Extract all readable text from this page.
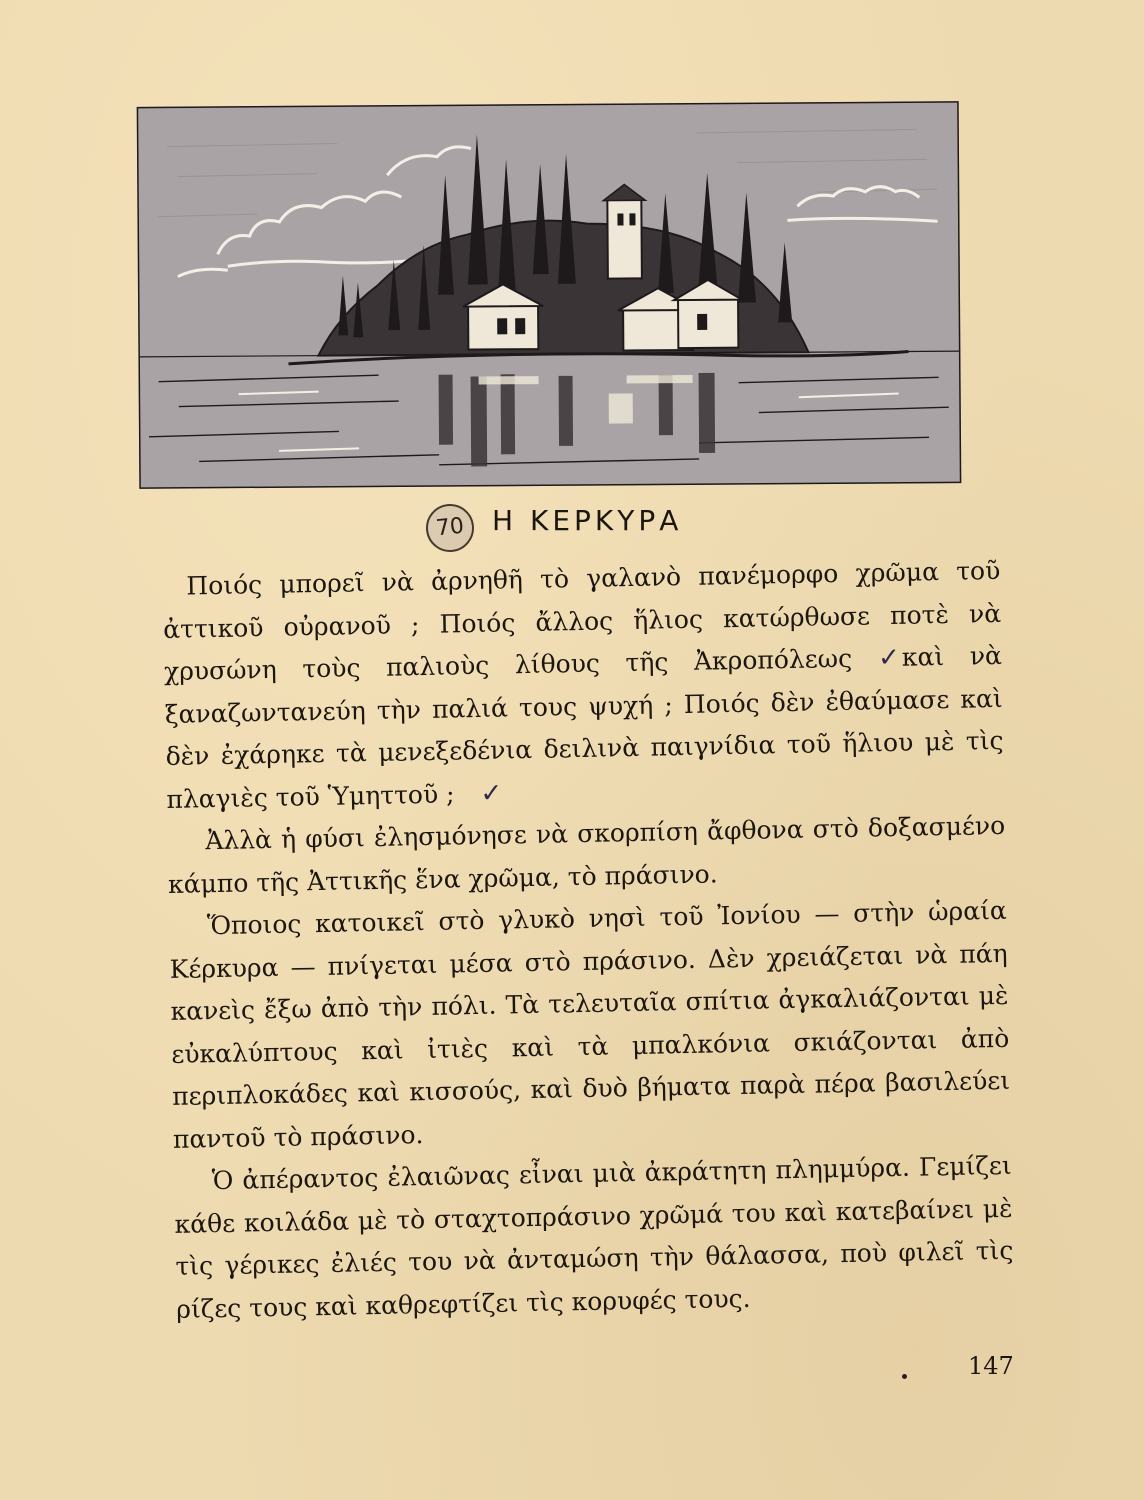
70 Η ΚΕΡΚΥΡΑ

Ποιός μπορεῖ νὰ ἀρνηθῆ τὸ γαλανὸ πανέμορφο χρῶμα τοῦ ἀττικοῦ οὐρανοῦ ; Ποιός ἄλλος ἥλιος κατώρθωσε ποτὲ νὰ χρυσώνη τοὺς παλιοὺς λίθους τῆς Ἀκροπόλεως ✓καὶ νὰ ξαναζωντανεύη τὴν παλιά τους ψυχή ; Ποιός δὲν ἐθαύμασε καὶ δὲν ἐχάρηκε τὰ μενεξεδένια δειλινὰ παιγνίδια τοῦ ἥλιου μὲ τὶς πλαγιὲς τοῦ Ὑμηττοῦ ; ✓

Ἀλλὰ ἡ φύσι ἐλησμόνησε νὰ σκορπίση ἄφθονα στὸ δοξασμένο κάμπο τῆς Ἀττικῆς ἕνα χρῶμα, τὸ πράσινο.

Ὅποιος κατοικεῖ στὸ γλυκὸ νησὶ τοῦ Ἰονίου — στὴν ὡραία Κέρκυρα — πνίγεται μέσα στὸ πράσινο. Δὲν χρειάζεται νὰ πάη κανεὶς ἔξω ἀπὸ τὴν πόλι. Τὰ τελευταῖα σπίτια ἀγκαλιάζονται μὲ εὐκαλύπτους καὶ ἰτιὲς καὶ τὰ μπαλκόνια σκιάζονται ἀπὸ περιπλοκάδες καὶ κισσούς, καὶ δυὸ βήματα παρὰ πέρα βασιλεύει παντοῦ τὸ πράσινο.

Ὁ ἀπέραντος ἐλαιῶνας εἶναι μιὰ ἀκράτητη πλημμύρα. Γεμίζει κάθε κοιλάδα μὲ τὸ σταχτοπράσινο χρῶμά του καὶ κατεβαίνει μὲ τὶς γέρικες ἐλιές του νὰ ἀνταμώση τὴν θάλασσα, ποὺ φιλεῖ τὶς ρίζες τους καὶ καθρεφτίζει τὶς κορυφές τους.

147
